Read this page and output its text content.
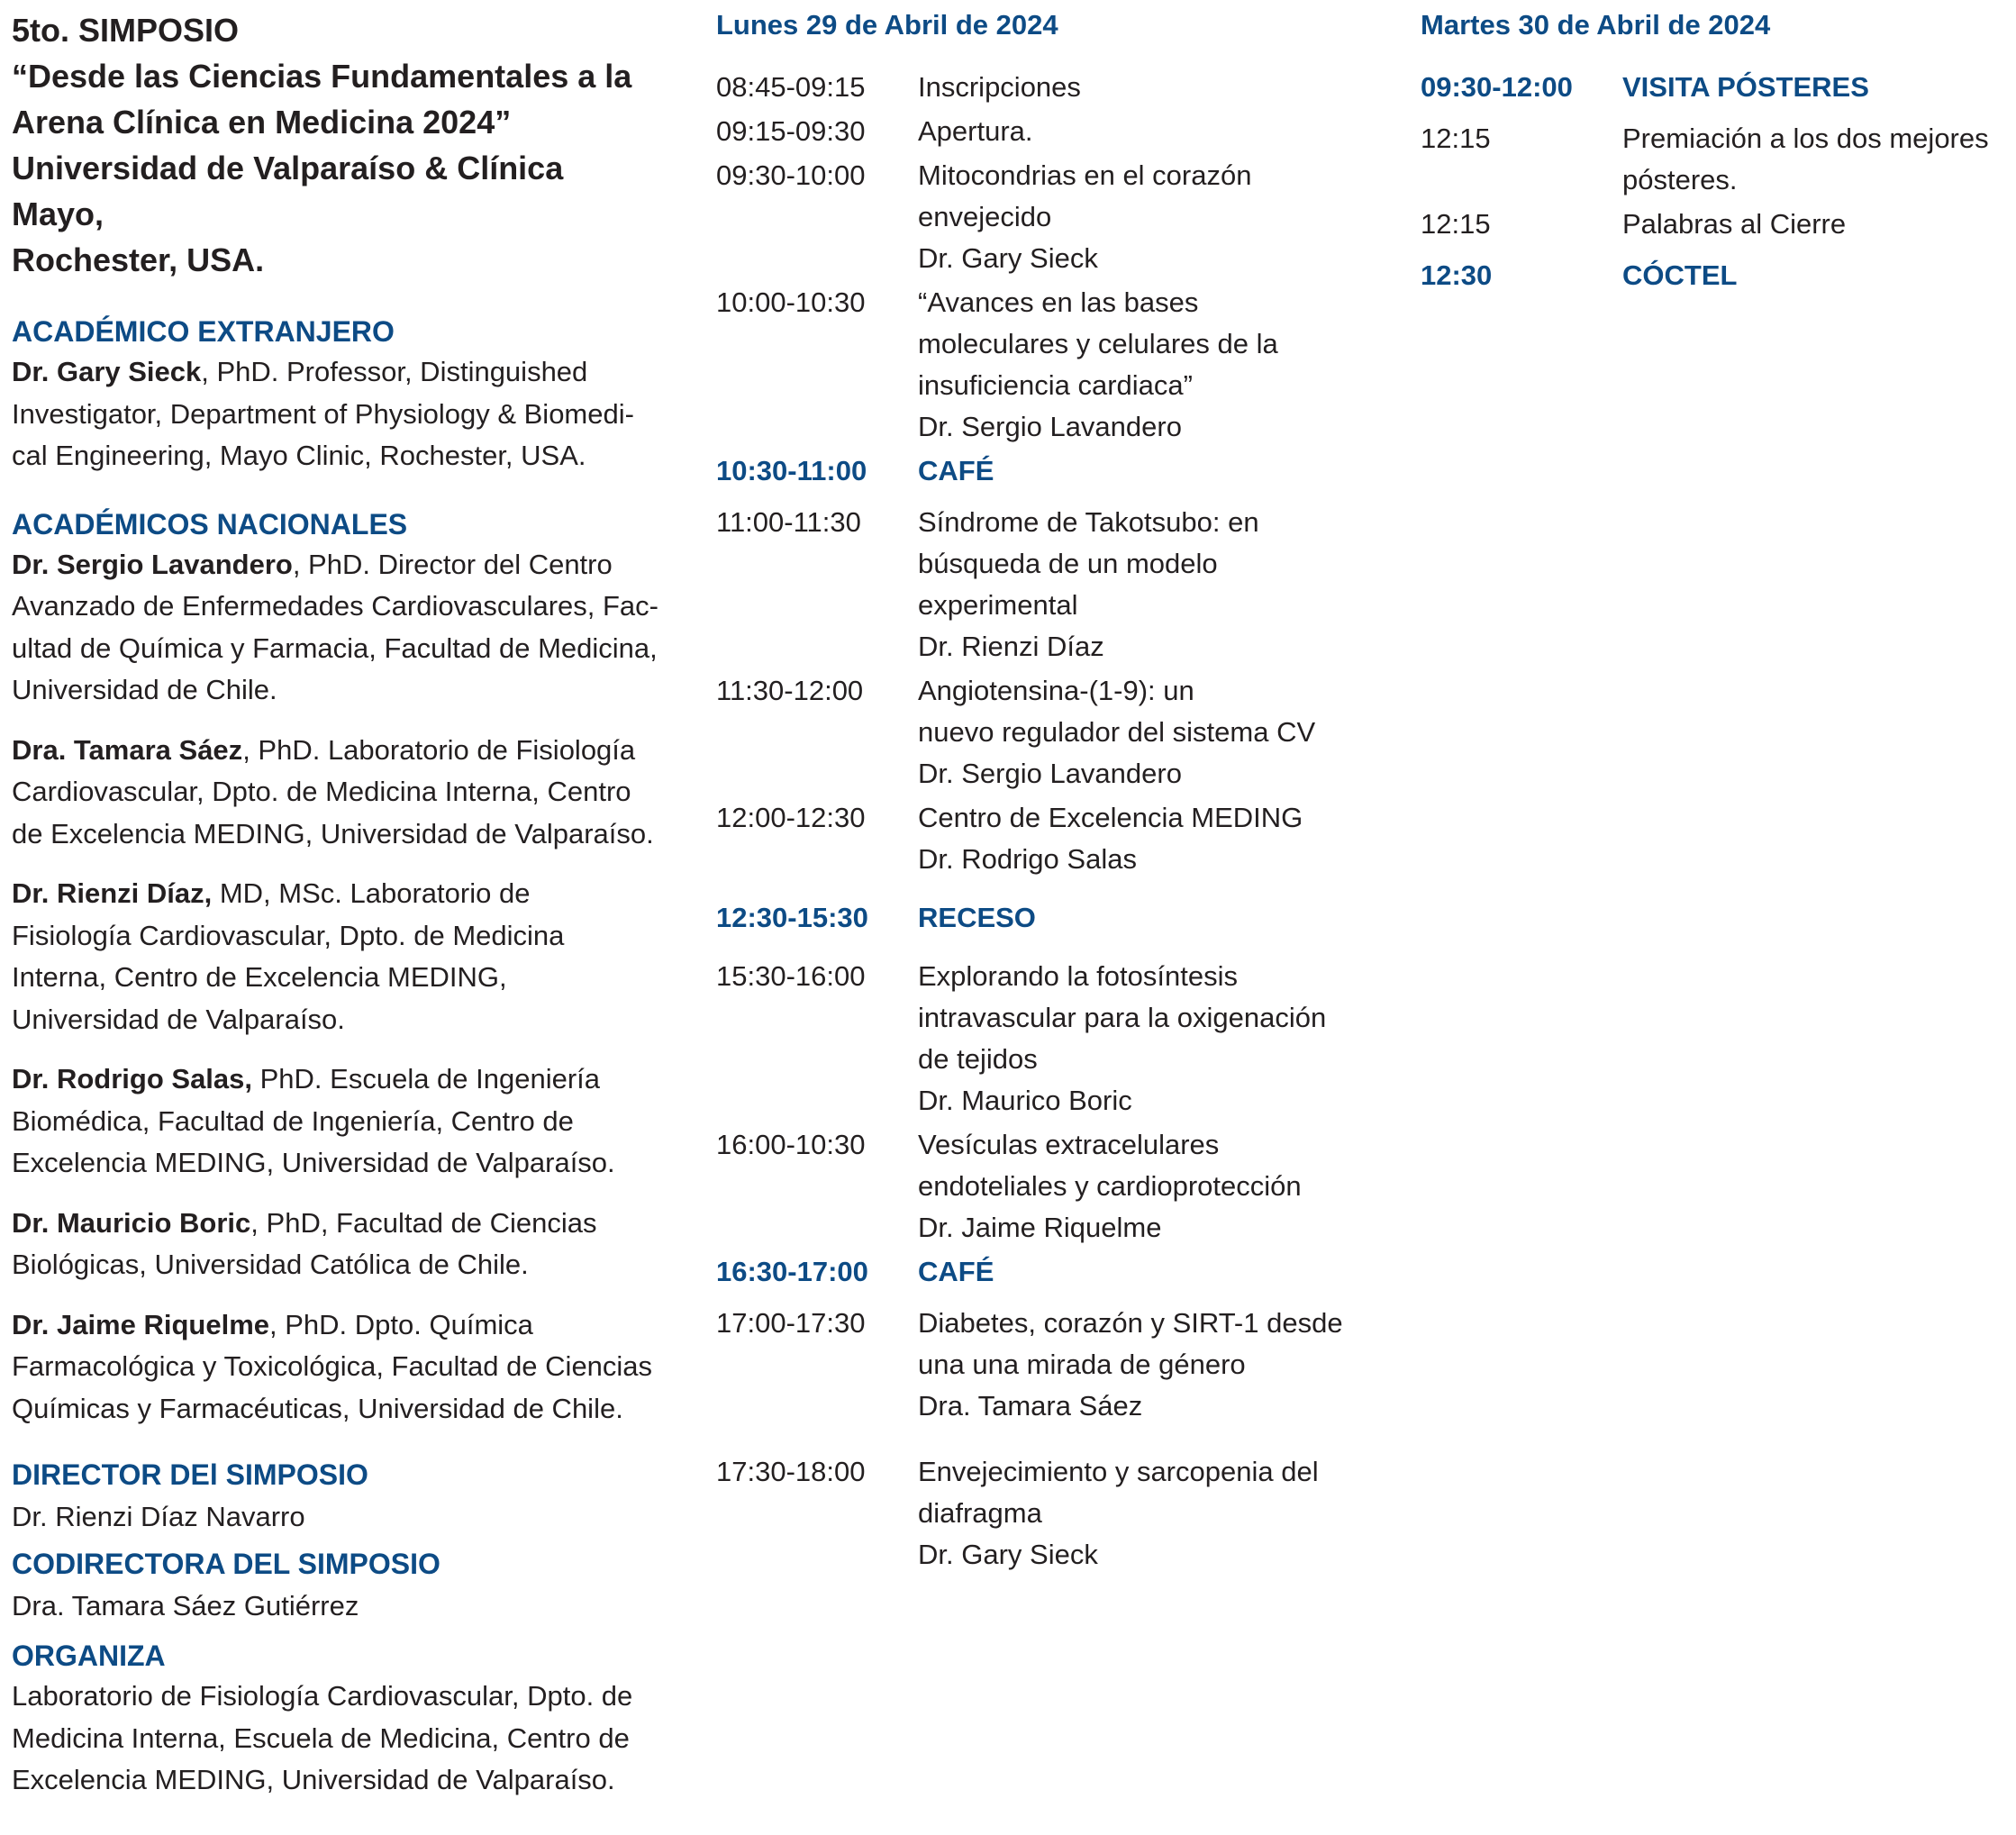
5to. SIMPOSIO
“Desde las Ciencias Fundamentales a la
Arena Clínica en Medicina 2024”
Universidad de Valparaíso & Clínica Mayo,
Rochester, USA.
ACADÉMICO EXTRANJERO
Dr. Gary Sieck, PhD. Professor, Distinguished
Investigator, Department of Physiology & Biomedi-
cal Engineering, Mayo Clinic, Rochester, USA.
ACADÉMICOS NACIONALES
Dr. Sergio Lavandero, PhD. Director del Centro
Avanzado de Enfermedades Cardiovasculares, Fac-
ultad de Química y Farmacia, Facultad de Medicina,
Universidad de Chile.
Dra. Tamara Sáez, PhD. Laboratorio de Fisiología
Cardiovascular, Dpto. de Medicina Interna, Centro
de Excelencia MEDING, Universidad de Valparaíso.
Dr. Rienzi Díaz, MD, MSc. Laboratorio de
Fisiología Cardiovascular, Dpto. de Medicina
Interna, Centro de Excelencia MEDING,
Universidad de Valparaíso.
Dr. Rodrigo Salas, PhD. Escuela de Ingeniería
Biomédica, Facultad de Ingeniería, Centro de
Excelencia MEDING, Universidad de Valparaíso.
Dr. Mauricio Boric, PhD, Facultad de Ciencias
Biológicas, Universidad Católica de Chile.
Dr. Jaime Riquelme, PhD. Dpto. Química
Farmacológica y Toxicológica, Facultad de Ciencias
Químicas y Farmacéuticas, Universidad de Chile.
DIRECTOR DEl SIMPOSIO
Dr. Rienzi Díaz Navarro
CODIRECTORA DEL SIMPOSIO
Dra. Tamara Sáez Gutiérrez
ORGANIZA
Laboratorio de Fisiología Cardiovascular, Dpto. de
Medicina Interna, Escuela de Medicina, Centro de
Excelencia MEDING, Universidad de Valparaíso.
Lunes 29 de Abril de 2024
08:45-09:15	Inscripciones
09:15-09:30	Apertura.
09:30-10:00	Mitocondrias en el corazón
envejecido
Dr. Gary Sieck
10:00-10:30	“Avances en las bases
moleculares y celulares de la
insuficiencia cardiaca”
Dr. Sergio Lavandero
10:30-11:00	CAFÉ
11:00-11:30	Síndrome de Takotsubo: en
búsqueda de un modelo
experimental
Dr. Rienzi Díaz
11:30-12:00	Angiotensina-(1-9): un
nuevo regulador del sistema CV
Dr. Sergio Lavandero
12:00-12:30	Centro de Excelencia MEDING
Dr. Rodrigo Salas
12:30-15:30	RECESO
15:30-16:00	Explorando la fotosíntesis
intravascular para la oxigenación
de tejidos
Dr. Maurico Boric
16:00-10:30	Vesículas extracelulares
endoteliales y cardioprotección
Dr. Jaime Riquelme
16:30-17:00	CAFÉ
17:00-17:30	Diabetes, corazón y SIRT-1 desde
una una mirada de género
Dra. Tamara Sáez
17:30-18:00	Envejecimiento y sarcopenia del
diafragma
Dr. Gary Sieck
Martes 30 de Abril de 2024
09:30-12:00	VISITA PÓSTERES
12:15	Premiación a los dos mejores
pósteres.
12:15	Palabras al Cierre
12:30	CÓCTEL
